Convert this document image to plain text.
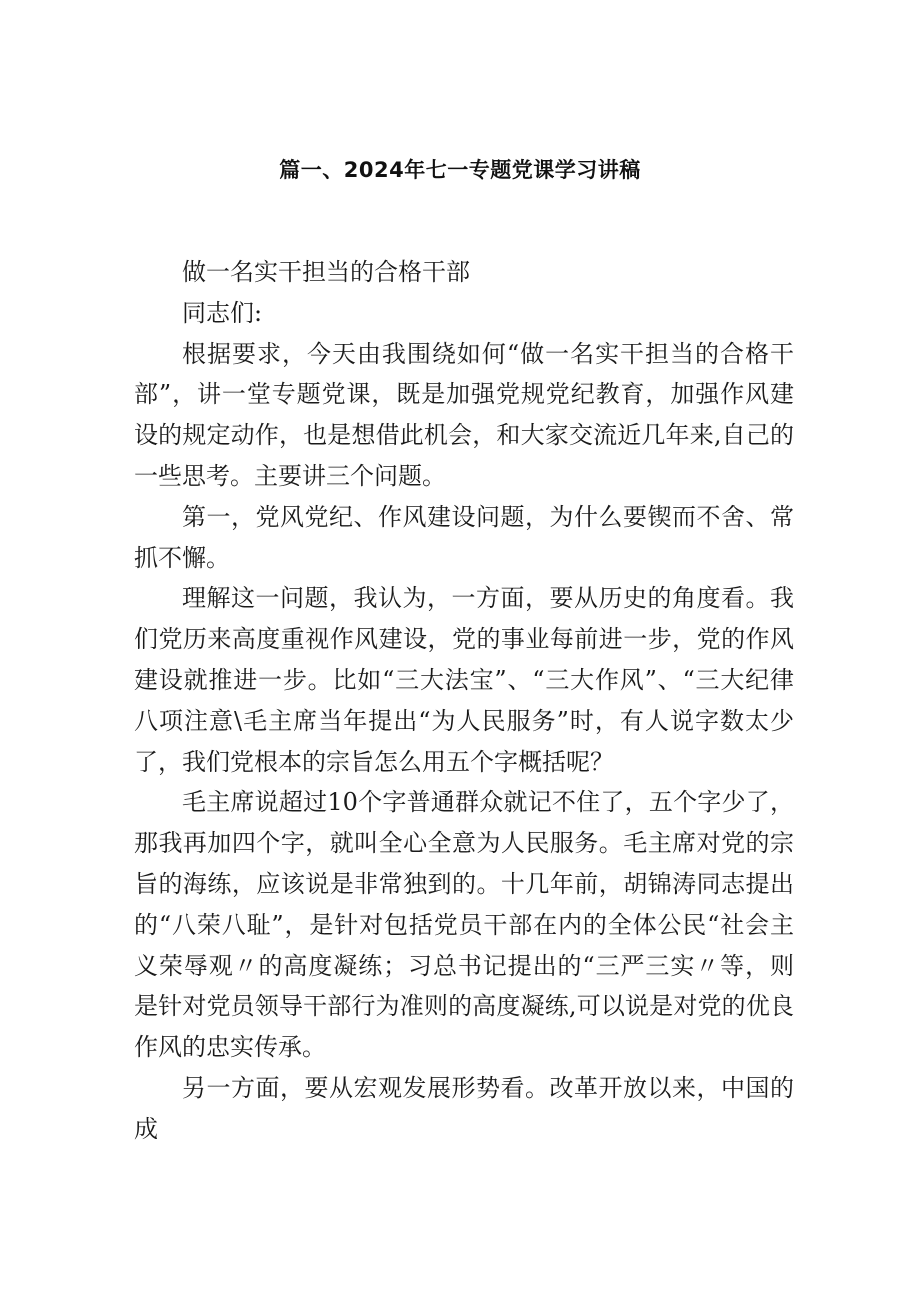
篇一、2024年七一专题党课学习讲稿

做一名实干担当的合格干部

同志们:

根据要求，今天由我围绕如何“做一名实干担当的合格干部”，讲一堂专题党课，既是加强党规党纪教育，加强作风建设的规定动作，也是想借此机会，和大家交流近几年来,自己的一些思考。主要讲三个问题。

第一，党风党纪、作风建设问题，为什么要锲而不舍、常抓不懈。

理解这一问题，我认为，一方面，要从历史的角度看。我们党历来高度重视作风建设，党的事业每前进一步，党的作风建设就推进一步。比如“三大法宝”、“三大作风”、“三大纪律八项注意\毛主席当年提出“为人民服务”时，有人说字数太少了，我们党根本的宗旨怎么用五个字概括呢？

毛主席说超过10个字普通群众就记不住了，五个字少了，那我再加四个字，就叫全心全意为人民服务。毛主席对党的宗旨的海练，应该说是非常独到的。十几年前，胡锦涛同志提出的“八荣八耻”，是针对包括党员干部在内的全体公民“社会主义荣辱观〃的高度凝练；习总书记提出的“三严三实〃等，则是针对党员领导干部行为准则的高度凝练,可以说是对党的优良作风的忠实传承。

另一方面，要从宏观发展形势看。改革开放以来，中国的成
